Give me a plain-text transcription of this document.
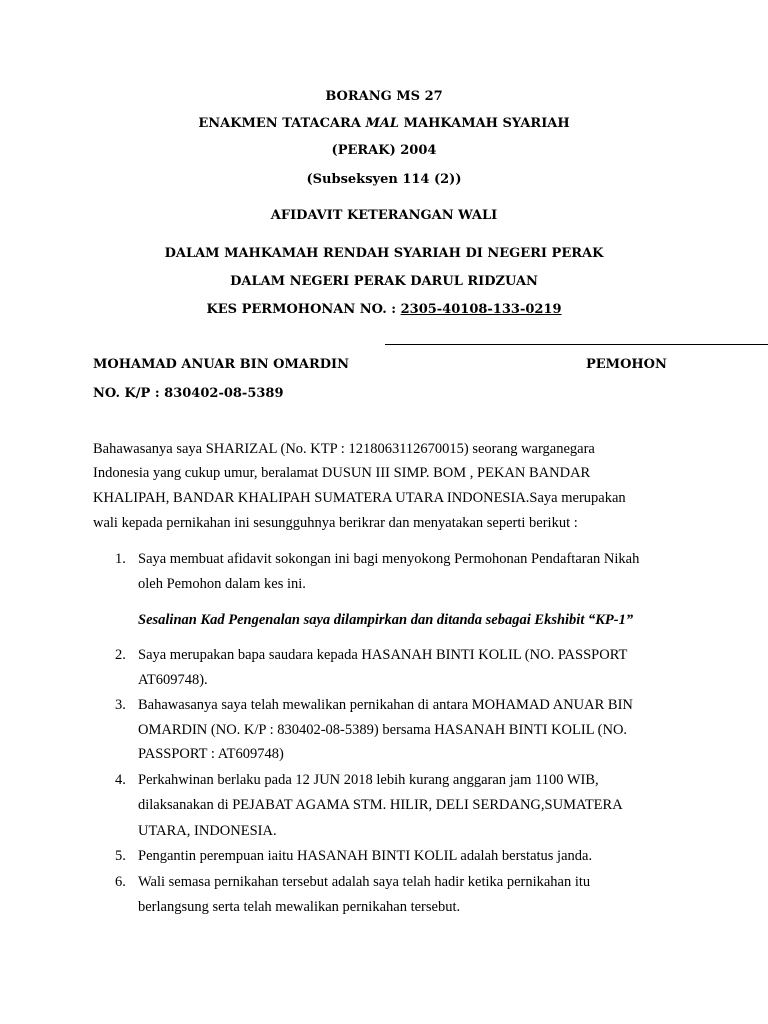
BORANG MS 27
ENAKMEN TATACARA MAL MAHKAMAH SYARIAH
(PERAK) 2004
(Subseksyen 114 (2))
AFIDAVIT KETERANGAN WALI
DALAM MAHKAMAH RENDAH SYARIAH DI NEGERI PERAK
DALAM NEGERI PERAK DARUL RIDZUAN
KES PERMOHONAN NO. : 2305-40108-133-0219
MOHAMAD ANUAR BIN OMARDIN	PEMOHON
NO. K/P : 830402-08-5389
Bahawasanya saya SHARIZAL (No. KTP : 1218063112670015) seorang warganegara
Indonesia yang cukup umur, beralamat DUSUN III SIMP. BOM , PEKAN BANDAR
KHALIPAH, BANDAR KHALIPAH SUMATERA UTARA INDONESIA.Saya merupakan
wali kepada pernikahan ini sesungguhnya berikrar dan menyatakan seperti berikut :
1. Saya membuat afidavit sokongan ini bagi menyokong Permohonan Pendaftaran Nikah
oleh Pemohon dalam kes ini.
Sesalinan Kad Pengenalan saya dilampirkan dan ditanda sebagai Ekshibit “KP-1”
2. Saya merupakan bapa saudara kepada HASANAH BINTI KOLIL (NO. PASSPORT
AT609748).
3. Bahawasanya saya telah mewalikan pernikahan di antara MOHAMAD ANUAR BIN
OMARDIN (NO. K/P : 830402-08-5389) bersama HASANAH BINTI KOLIL (NO.
PASSPORT : AT609748)
4. Perkahwinan berlaku pada 12 JUN 2018 lebih kurang anggaran jam 1100 WIB,
dilaksanakan di PEJABAT AGAMA STM. HILIR, DELI SERDANG,SUMATERA
UTARA, INDONESIA.
5. Pengantin perempuan iaitu HASANAH BINTI KOLIL adalah berstatus janda.
6. Wali semasa pernikahan tersebut adalah saya telah hadir ketika pernikahan itu
berlangsung serta telah mewalikan pernikahan tersebut.
